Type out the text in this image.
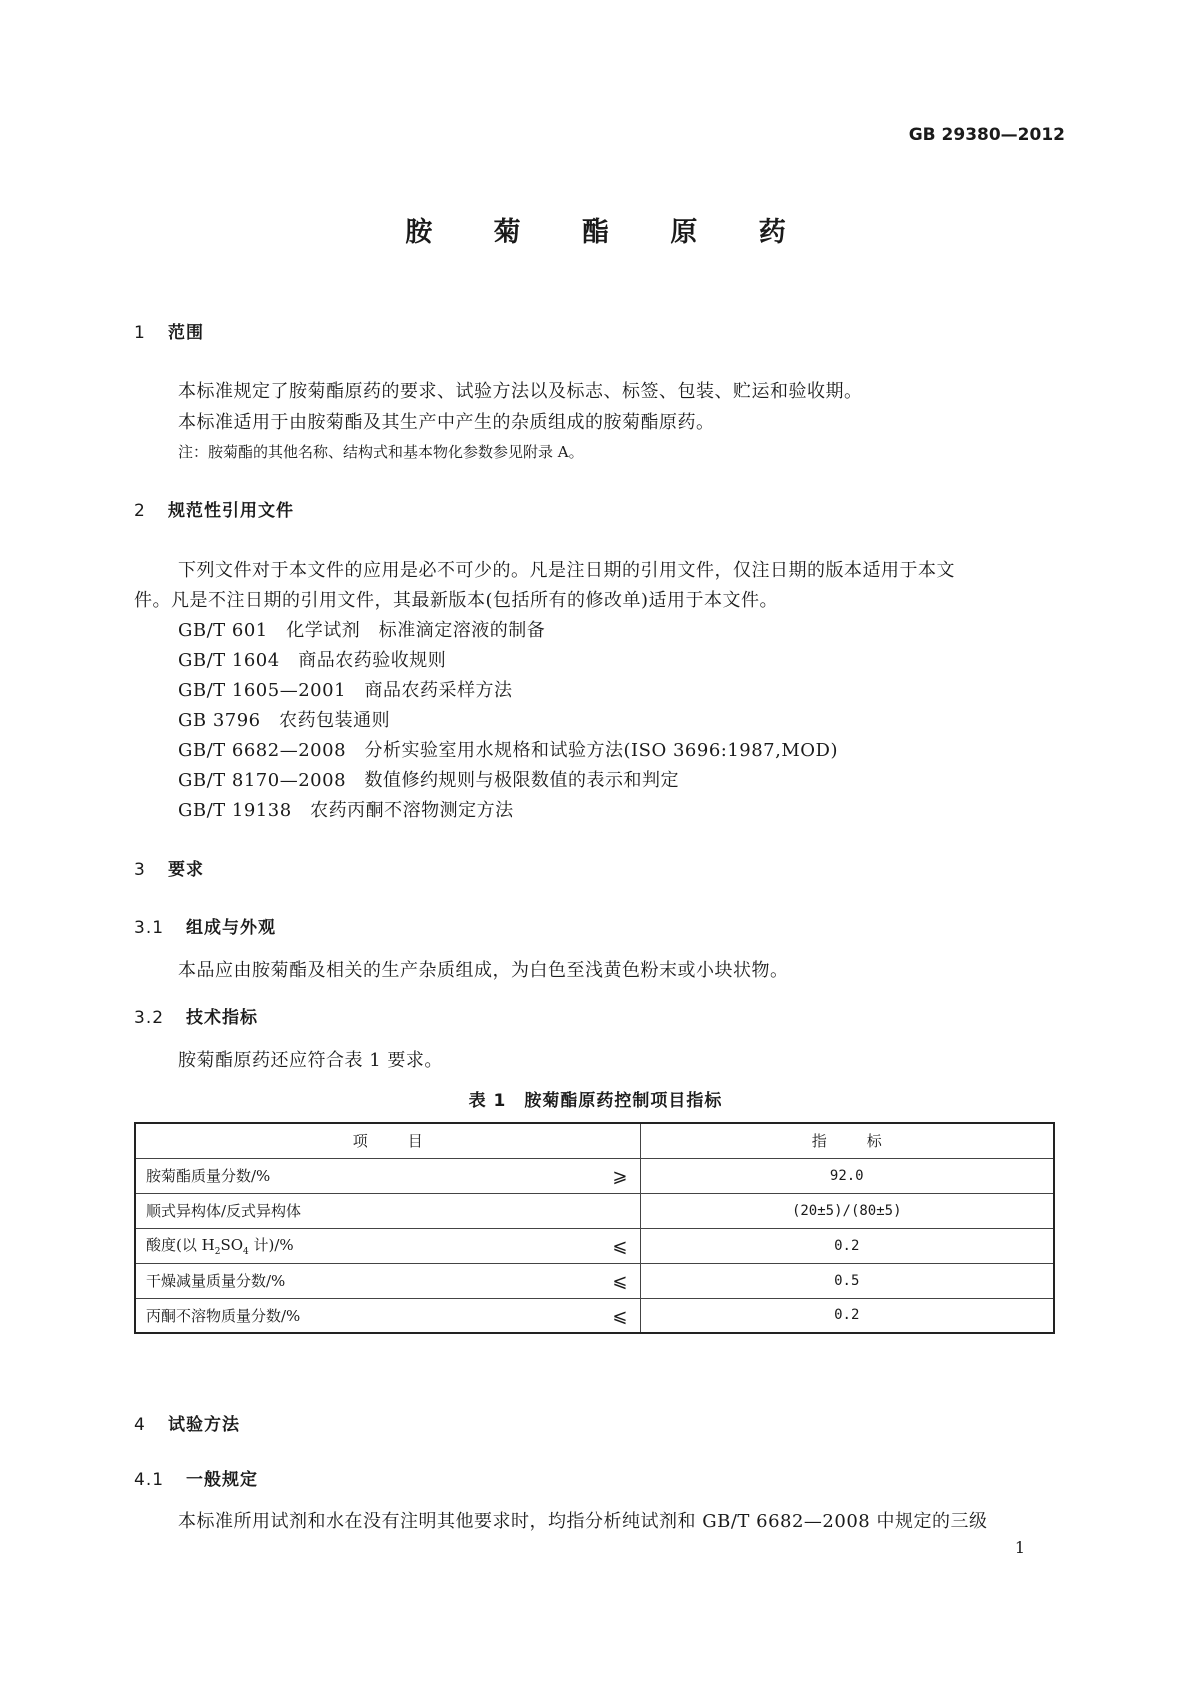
GB 29380—2012
胺 菊 酯 原 药
1 范围
本标准规定了胺菊酯原药的要求、试验方法以及标志、标签、包装、贮运和验收期。
本标准适用于由胺菊酯及其生产中产生的杂质组成的胺菊酯原药。
注：胺菊酯的其他名称、结构式和基本物化参数参见附录 A。
2 规范性引用文件
下列文件对于本文件的应用是必不可少的。凡是注日期的引用文件，仅注日期的版本适用于本文
件。凡是不注日期的引用文件，其最新版本(包括所有的修改单)适用于本文件。
GB/T 601　 化学试剂　标准滴定溶液的制备
GB/T 1604　 商品农药验收规则
GB/T 1605—2001　 商品农药采样方法
GB 3796　 农药包装通则
GB/T 6682—2008　 分析实验室用水规格和试验方法(ISO 3696:1987,MOD)
GB/T 8170—2008　 数值修约规则与极限数值的表示和判定
GB/T 19138　 农药丙酮不溶物测定方法
3 要求
3.1 组成与外观
本品应由胺菊酯及相关的生产杂质组成，为白色至浅黄色粉末或小块状物。
3.2 技术指标
胺菊酯原药还应符合表 1 要求。
表 1　胺菊酯原药控制项目指标
项目	指标
胺菊酯质量分数/% ⩾	92.0
顺式异构体/反式异构体	(20±5)/(80±5)
酸度(以 $H_2SO_4$ 计)/% ⩽	0.2
干燥减量质量分数/% ⩽	0.5
丙酮不溶物质量分数/% ⩽	0.2
4 试验方法
4.1 一般规定
本标准所用试剂和水在没有注明其他要求时，均指分析纯试剂和 GB/T 6682—2008 中规定的三级
1
